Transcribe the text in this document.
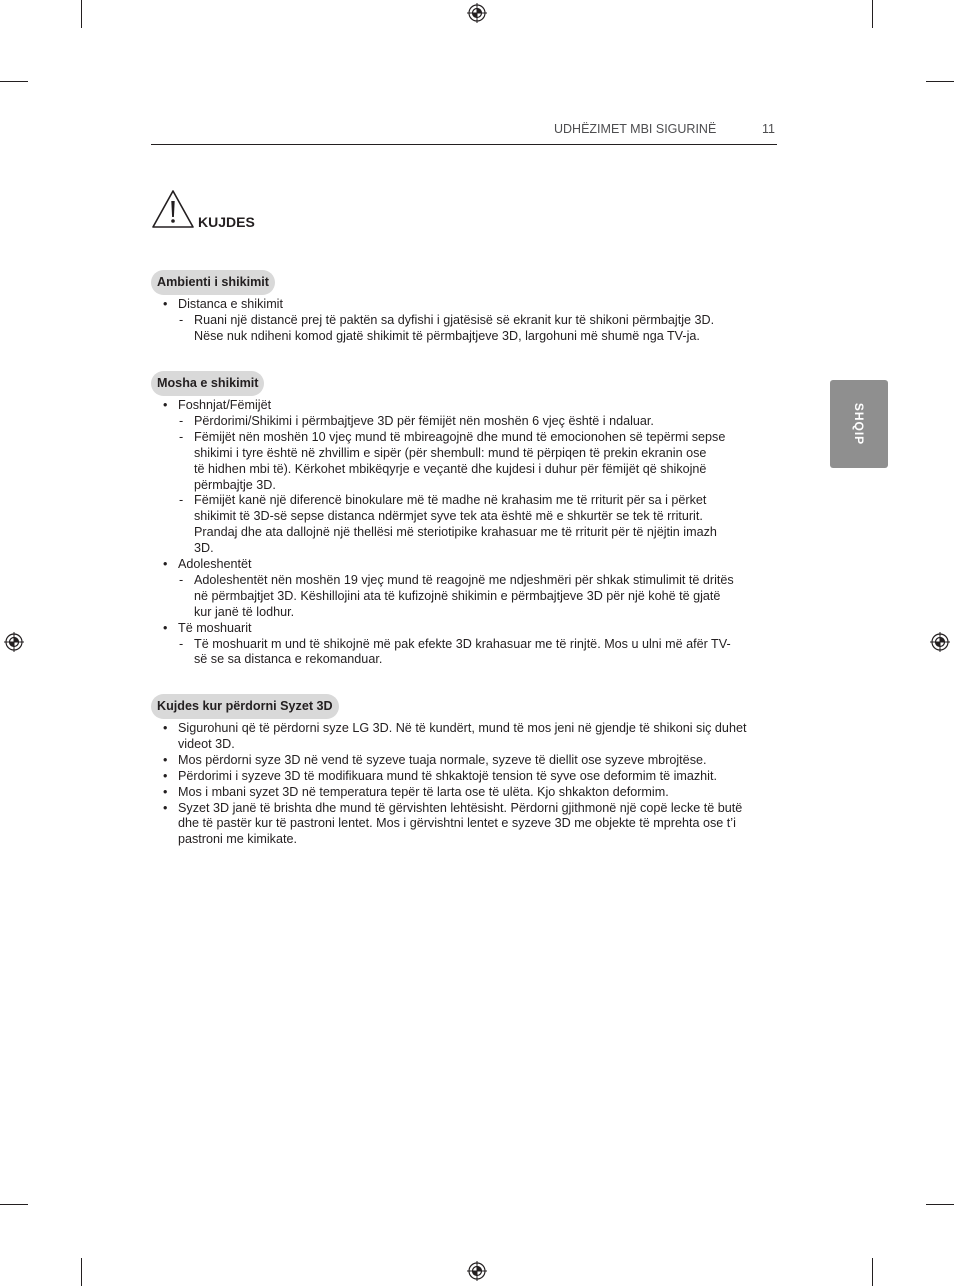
UDHËZIMET MBI SIGURINË	11
SHQIP
KUJDES
Ambienti i shikimit
• Distanca e shikimit
- Ruani një distancë prej të paktën sa dyfishi i gjatësisë së ekranit kur të shikoni përmbajtje 3D.
Nëse nuk ndiheni komod gjatë shikimit të përmbajtjeve 3D, largohuni më shumë nga TV-ja.
Mosha e shikimit
• Foshnjat/Fëmijët
- Përdorimi/Shikimi i përmbajtjeve 3D për fëmijët nën moshën 6 vjeç është i ndaluar.
- Fëmijët nën moshën 10 vjeç mund të mbireagojnë dhe mund të emocionohen së tepërmi sepse
shikimi i tyre është në zhvillim e sipër (për shembull: mund të përpiqen të prekin ekranin ose
të hidhen mbi të). Kërkohet mbikëqyrje e veçantë dhe kujdesi i duhur për fëmijët që shikojnë
përmbajtje 3D.
- Fëmijët kanë një diferencë binokulare më të madhe në krahasim me të rriturit për sa i përket
shikimit të 3D-së sepse distanca ndërmjet syve tek ata është më e shkurtër se tek të rriturit.
Prandaj dhe ata dallojnë një thellësi më steriotipike krahasuar me të rriturit për të njëjtin imazh
3D.
• Adoleshentët
- Adoleshentët nën moshën 19 vjeç mund të reagojnë me ndjeshmëri për shkak stimulimit të dritës
në përmbajtjet 3D. Këshillojini ata të kufizojnë shikimin e përmbajtjeve 3D për një kohë të gjatë
kur janë të lodhur.
• Të moshuarit
- Të moshuarit m und të shikojnë më pak efekte 3D krahasuar me të rinjtë. Mos u ulni më afër TV-
së se sa distanca e rekomanduar.
Kujdes kur përdorni Syzet 3D
• Sigurohuni që të përdorni syze LG 3D. Në të kundërt, mund të mos jeni në gjendje të shikoni siç duhet
videot 3D.
• Mos përdorni syze 3D në vend të syzeve tuaja normale, syzeve të diellit ose syzeve mbrojtëse.
• Përdorimi i syzeve 3D të modifikuara mund të shkaktojë tension të syve ose deformim të imazhit.
• Mos i mbani syzet 3D në temperatura tepër të larta ose të ulëta. Kjo shkakton deformim.
• Syzet 3D janë të brishta dhe mund të gërvishten lehtësisht. Përdorni gjithmonë një copë lecke të butë
dhe të pastër kur të pastroni lentet. Mos i gërvishtni lentet e syzeve 3D me objekte të mprehta ose t’i
pastroni me kimikate.
